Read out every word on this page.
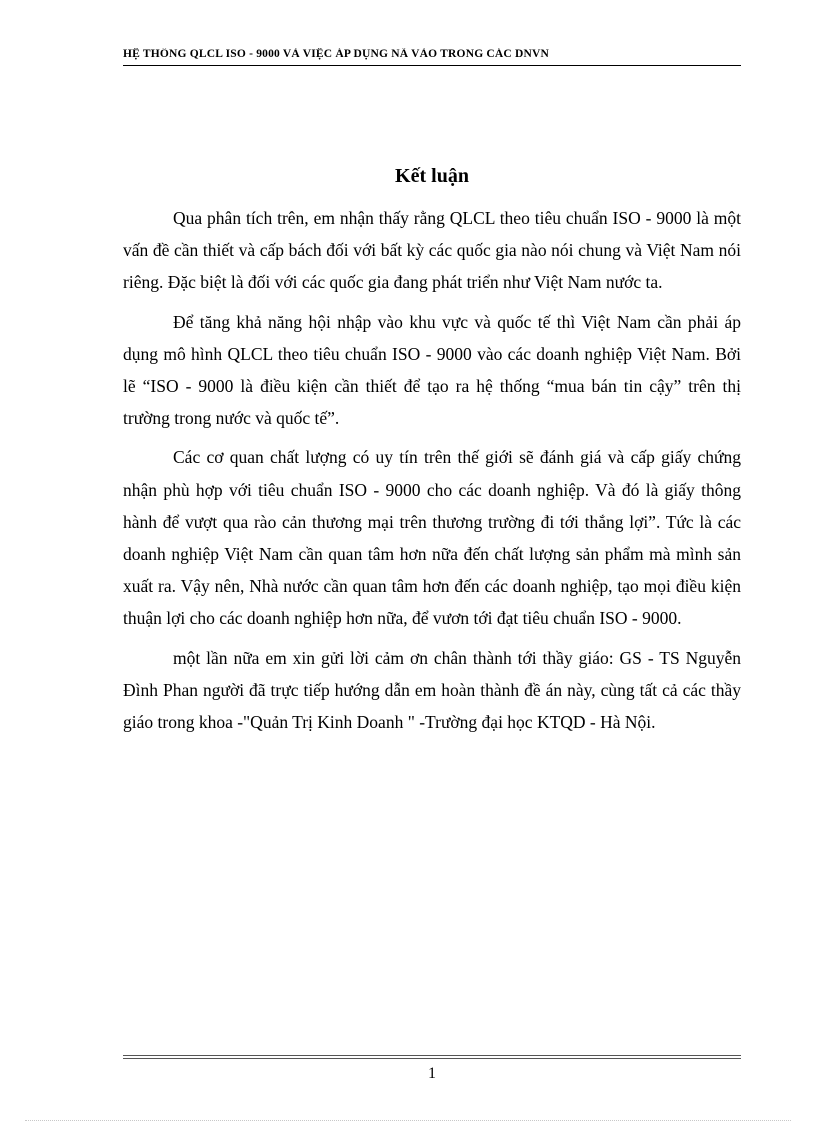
HỆ THỐNG QLCL ISO - 9000 VÀ VIỆC ÁP DỤNG NÃ VÀO TRONG CÁC DNVN
Kết luận

Qua phân tích trên, em nhận thấy rằng QLCL theo tiêu chuẩn ISO - 9000 là một vấn đề cần thiết và cấp bách đối với bất kỳ các quốc gia nào nói chung và Việt Nam nói riêng. Đặc biệt là đối với các quốc gia đang phát triển như Việt Nam nước ta.

Để tăng khả năng hội nhập vào khu vực và quốc tế thì Việt Nam cần phải áp dụng mô hình QLCL theo tiêu chuẩn ISO - 9000 vào các doanh nghiệp Việt Nam. Bởi lẽ “ISO - 9000 là điều kiện cần thiết để tạo ra hệ thống “mua bán tin cậy” trên thị trường trong nước và quốc tế”.

Các cơ quan chất lượng có uy tín trên thế giới sẽ đánh giá và cấp giấy chứng nhận phù hợp với tiêu chuẩn ISO - 9000 cho các doanh nghiệp. Và đó là giấy thông hành để vượt qua rào cản thương mại trên thương trường đi tới thắng lợi”. Tức là các doanh nghiệp Việt Nam cần quan tâm hơn nữa đến chất lượng sản phẩm mà mình sản xuất ra. Vậy nên, Nhà nước cần quan tâm hơn đến các doanh nghiệp, tạo mọi điều kiện thuận lợi cho các doanh nghiệp hơn nữa, để vươn tới đạt tiêu chuẩn ISO - 9000.

một lần nữa em xin gửi lời cảm ơn chân thành tới thầy giáo: GS - TS Nguyễn Đình Phan người đã trực tiếp hướng dẫn em hoàn thành đề án này, cùng tất cả các thầy giáo trong khoa -"Quản Trị Kinh Doanh " -Trường đại học KTQD - Hà Nội.

1
